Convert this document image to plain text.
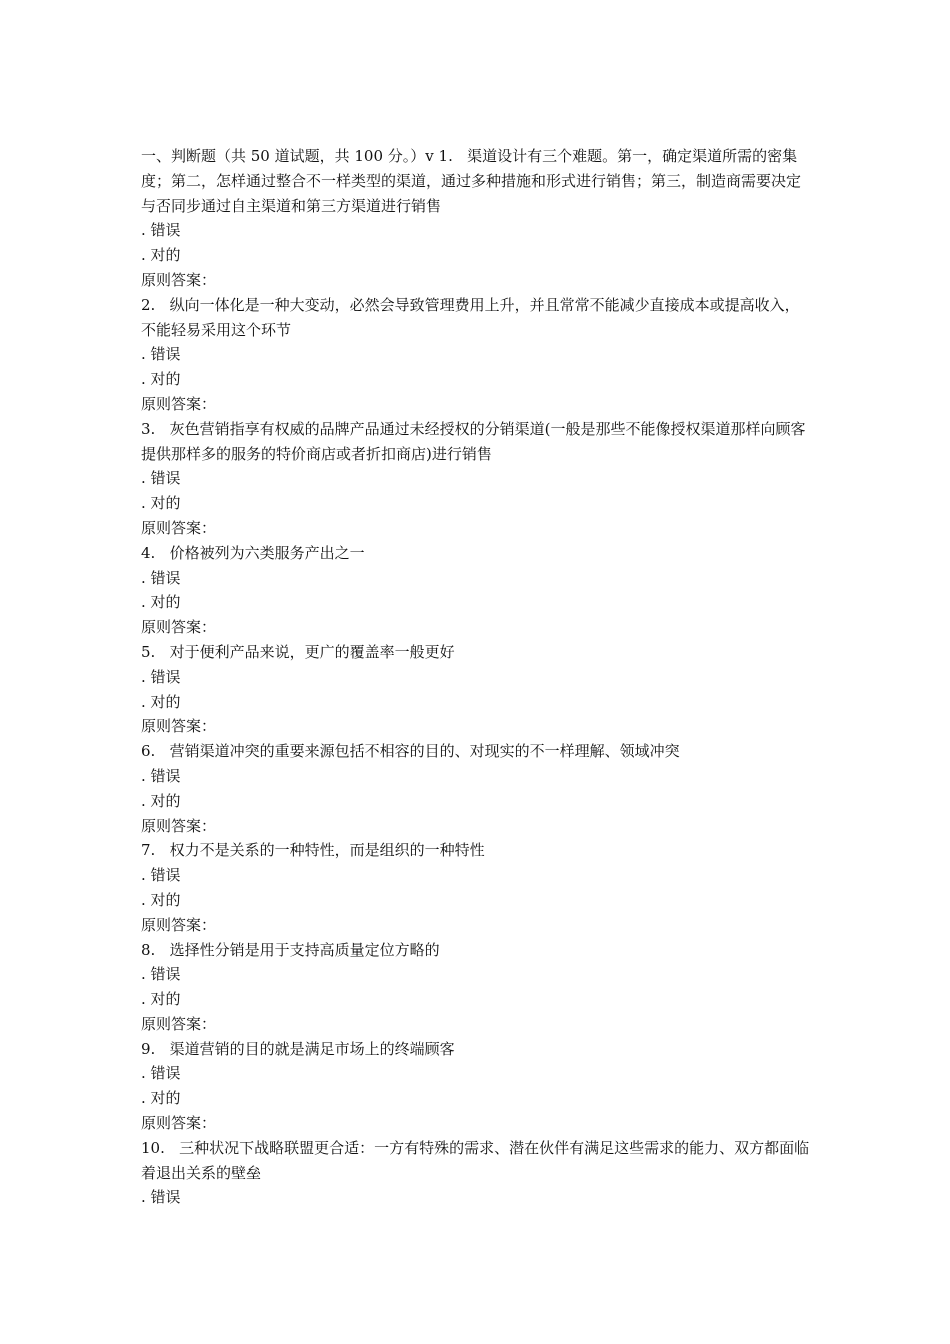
一、判断题（共 50 道试题，共 100 分。）v 1.   渠道设计有三个难题。第一，确定渠道所需的密集度；第二，怎样通过整合不一样类型的渠道，通过多种措施和形式进行销售；第三，制造商需要决定与否同步通过自主渠道和第三方渠道进行销售
. 错误
. 对的
原则答案：
2.   纵向一体化是一种大变动，必然会导致管理费用上升，并且常常不能减少直接成本或提高收入，不能轻易采用这个环节
. 错误
. 对的
原则答案：
3.   灰色营销指享有权威的品牌产品通过未经授权的分销渠道(一般是那些不能像授权渠道那样向顾客提供那样多的服务的特价商店或者折扣商店)进行销售
. 错误
. 对的
原则答案：
4.   价格被列为六类服务产出之一
. 错误
. 对的
原则答案：
5.   对于便利产品来说，更广的覆盖率一般更好
. 错误
. 对的
原则答案：
6.   营销渠道冲突的重要来源包括不相容的目的、对现实的不一样理解、领域冲突
. 错误
. 对的
原则答案：
7.   权力不是关系的一种特性，而是组织的一种特性
. 错误
. 对的
原则答案：
8.   选择性分销是用于支持高质量定位方略的
. 错误
. 对的
原则答案：
9.   渠道营销的目的就是满足市场上的终端顾客
. 错误
. 对的
原则答案：
10.   三种状况下战略联盟更合适：一方有特殊的需求、潜在伙伴有满足这些需求的能力、双方都面临着退出关系的壁垒
. 错误
